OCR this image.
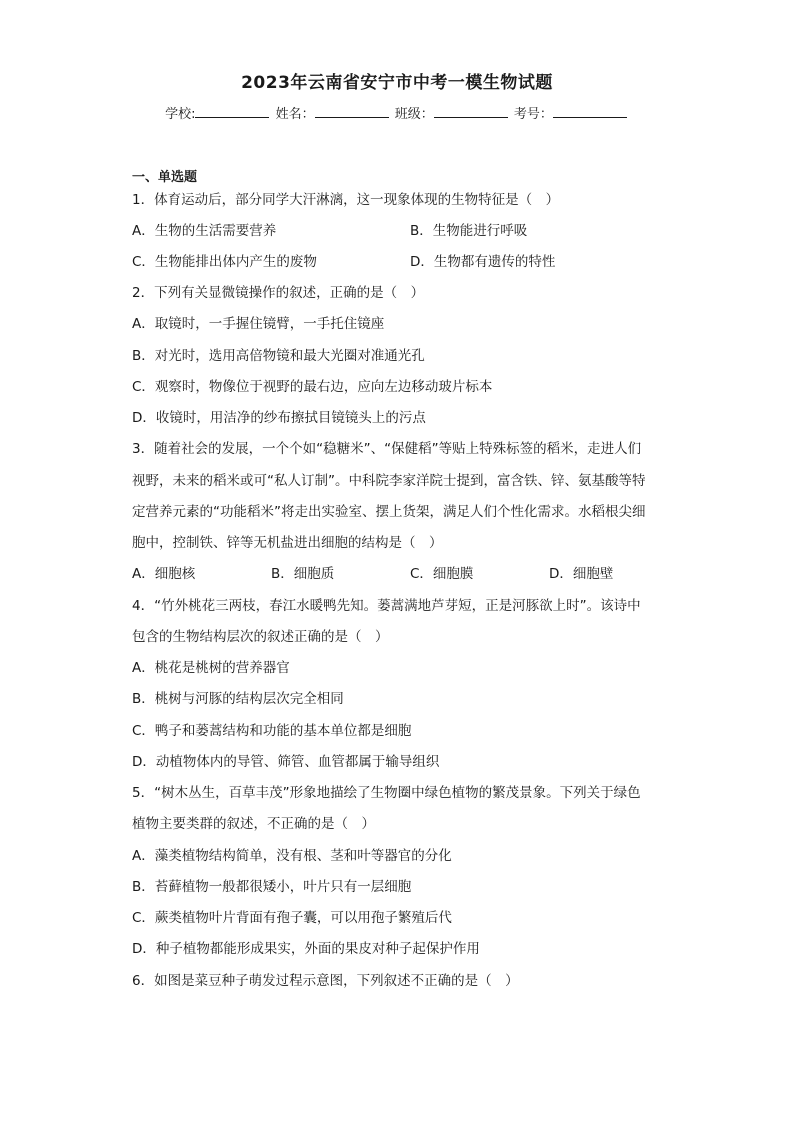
2023年云南省安宁市中考一模生物试题
学校:	姓名：	班级：	考号：
一、单选题
1．体育运动后，部分同学大汗淋漓，这一现象体现的生物特征是（　）
A．生物的生活需要营养	B．生物能进行呼吸
C．生物能排出体内产生的废物	D．生物都有遗传的特性
2．下列有关显微镜操作的叙述，正确的是（　）
A．取镜时，一手握住镜臂，一手托住镜座
B．对光时，选用高倍物镜和最大光圈对准通光孔
C．观察时，物像位于视野的最右边，应向左边移动玻片标本
D．收镜时，用洁净的纱布擦拭目镜镜头上的污点
3．随着社会的发展，一个个如“稳糖米”、“保健稻”等贴上特殊标签的稻米，走进人们
视野，未来的稻米或可“私人订制”。中科院李家洋院士提到，富含铁、锌、氨基酸等特
定营养元素的“功能稻米”将走出实验室、摆上货架，满足人们个性化需求。水稻根尖细
胞中，控制铁、锌等无机盐进出细胞的结构是（　）
A．细胞核	B．细胞质	C．细胞膜	D．细胞壁
4．“竹外桃花三两枝，春江水暖鸭先知。蒌蒿满地芦芽短，正是河豚欲上时”。该诗中
包含的生物结构层次的叙述正确的是（　）
A．桃花是桃树的营养器官
B．桃树与河豚的结构层次完全相同
C．鸭子和蒌蒿结构和功能的基本单位都是细胞
D．动植物体内的导管、筛管、血管都属于输导组织
5．“树木丛生，百草丰茂”形象地描绘了生物圈中绿色植物的繁茂景象。下列关于绿色
植物主要类群的叙述，不正确的是（　）
A．藻类植物结构简单，没有根、茎和叶等器官的分化
B．苔藓植物一般都很矮小，叶片只有一层细胞
C．蕨类植物叶片背面有孢子囊，可以用孢子繁殖后代
D．种子植物都能形成果实，外面的果皮对种子起保护作用
6．如图是菜豆种子萌发过程示意图，下列叙述不正确的是（　）
